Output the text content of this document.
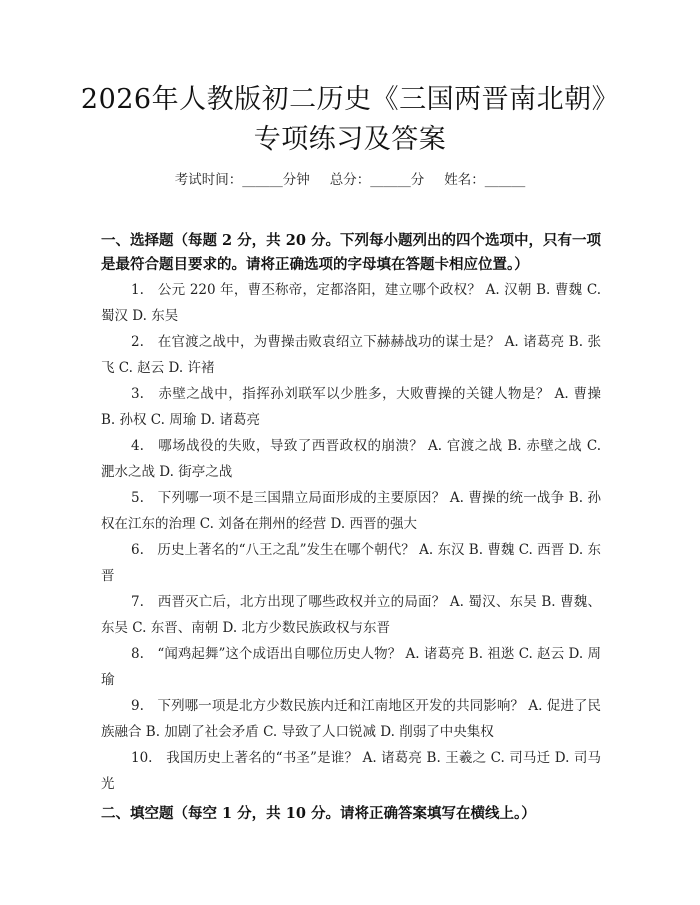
2026年人教版初二历史《三国两晋南北朝》
专项练习及答案
考试时间：______分钟 总分：______分 姓名：______
一、选择题（每题 2 分，共 20 分。下列每小题列出的四个选项中，只有一项是最符合题目要求的。请将正确选项的字母填在答题卡相应位置。）
1.　公元 220 年，曹丕称帝，定都洛阳，建立哪个政权？ A. 汉朝 B. 曹魏 C. 蜀汉 D. 东吴
2.　在官渡之战中，为曹操击败袁绍立下赫赫战功的谋士是？ A. 诸葛亮 B. 张飞 C. 赵云 D. 许褚
3.　赤壁之战中，指挥孙刘联军以少胜多，大败曹操的关键人物是？ A. 曹操 B. 孙权 C. 周瑜 D. 诸葛亮
4.　哪场战役的失败，导致了西晋政权的崩溃？ A. 官渡之战 B. 赤壁之战 C. 淝水之战 D. 街亭之战
5.　下列哪一项不是三国鼎立局面形成的主要原因？ A. 曹操的统一战争 B. 孙权在江东的治理 C. 刘备在荆州的经营 D. 西晋的强大
6.　历史上著名的“八王之乱”发生在哪个朝代？ A. 东汉 B. 曹魏 C. 西晋 D. 东晋
7.　西晋灭亡后，北方出现了哪些政权并立的局面？ A. 蜀汉、东吴 B. 曹魏、东吴 C. 东晋、南朝 D. 北方少数民族政权与东晋
8.　“闻鸡起舞”这个成语出自哪位历史人物？ A. 诸葛亮 B. 祖逖 C. 赵云 D. 周瑜
9.　下列哪一项是北方少数民族内迁和江南地区开发的共同影响？ A. 促进了民族融合 B. 加剧了社会矛盾 C. 导致了人口锐减 D. 削弱了中央集权
10.　我国历史上著名的“书圣”是谁？ A. 诸葛亮 B. 王羲之 C. 司马迁 D. 司马光
二、填空题（每空 1 分，共 10 分。请将正确答案填写在横线上。）
